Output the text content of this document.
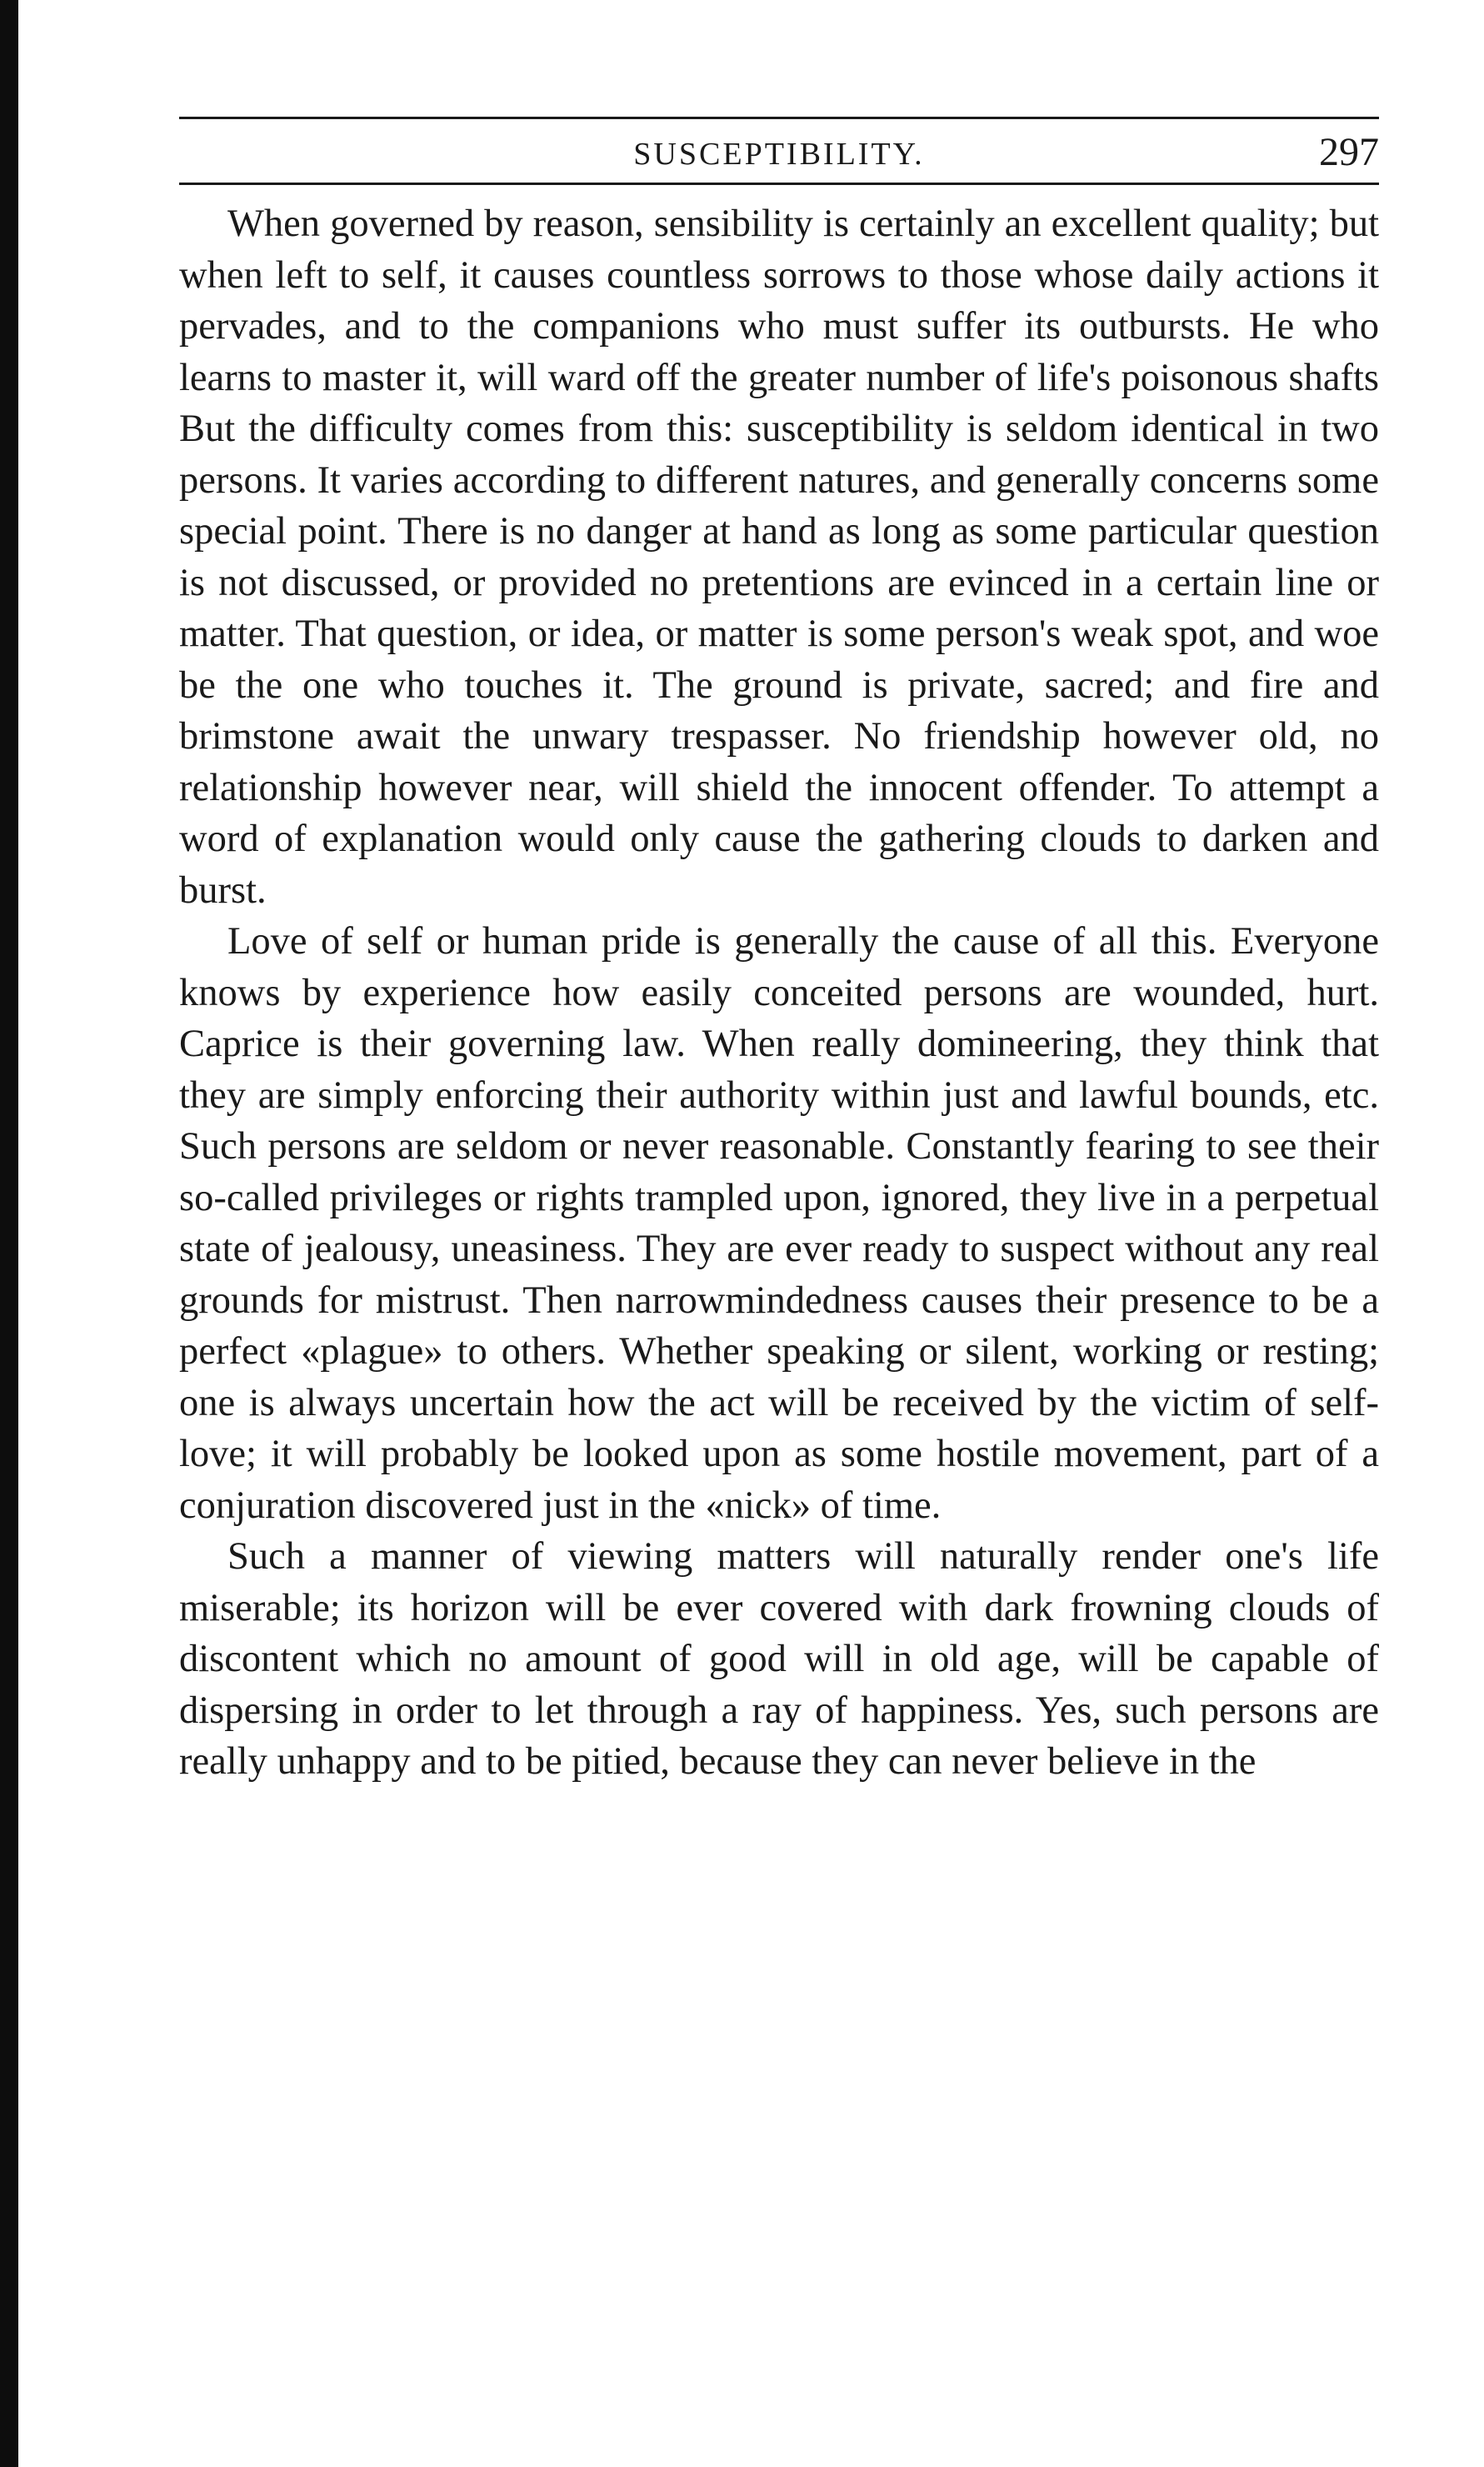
SUSCEPTIBILITY.	297

When governed by reason, sensibility is certainly an excellent quality; but when left to self, it causes countless sorrows to those whose daily actions it pervades, and to the companions who must suffer its outbursts. He who learns to master it, will ward off the greater number of life's poisonous shafts But the difficulty comes from this: susceptibility is seldom identical in two persons. It varies according to different natures, and generally concerns some special point. There is no danger at hand as long as some particular question is not discussed, or provided no pretentions are evinced in a certain line or matter. That question, or idea, or matter is some person's weak spot, and woe be the one who touches it. The ground is private, sacred; and fire and brimstone await the unwary trespasser. No friendship however old, no relationship however near, will shield the innocent offender. To attempt a word of explanation would only cause the gathering clouds to darken and burst.

Love of self or human pride is generally the cause of all this. Everyone knows by experience how easily conceited persons are wounded, hurt. Caprice is their governing law. When really domineering, they think that they are simply enforcing their authority within just and lawful bounds, etc. Such persons are seldom or never reasonable. Constantly fearing to see their so-called privileges or rights trampled upon, ignored, they live in a perpetual state of jealousy, uneasiness. They are ever ready to suspect without any real grounds for mistrust. Then narrowmindedness causes their presence to be a perfect «plague» to others. Whether speaking or silent, working or resting; one is always uncertain how the act will be received by the victim of self-love; it will probably be looked upon as some hostile movement, part of a conjuration discovered just in the «nick» of time.

Such a manner of viewing matters will naturally render one's life miserable; its horizon will be ever covered with dark frowning clouds of discontent which no amount of good will in old age, will be capable of dispersing in order to let through a ray of happiness. Yes, such persons are really unhappy and to be pitied, because they can never believe in the
